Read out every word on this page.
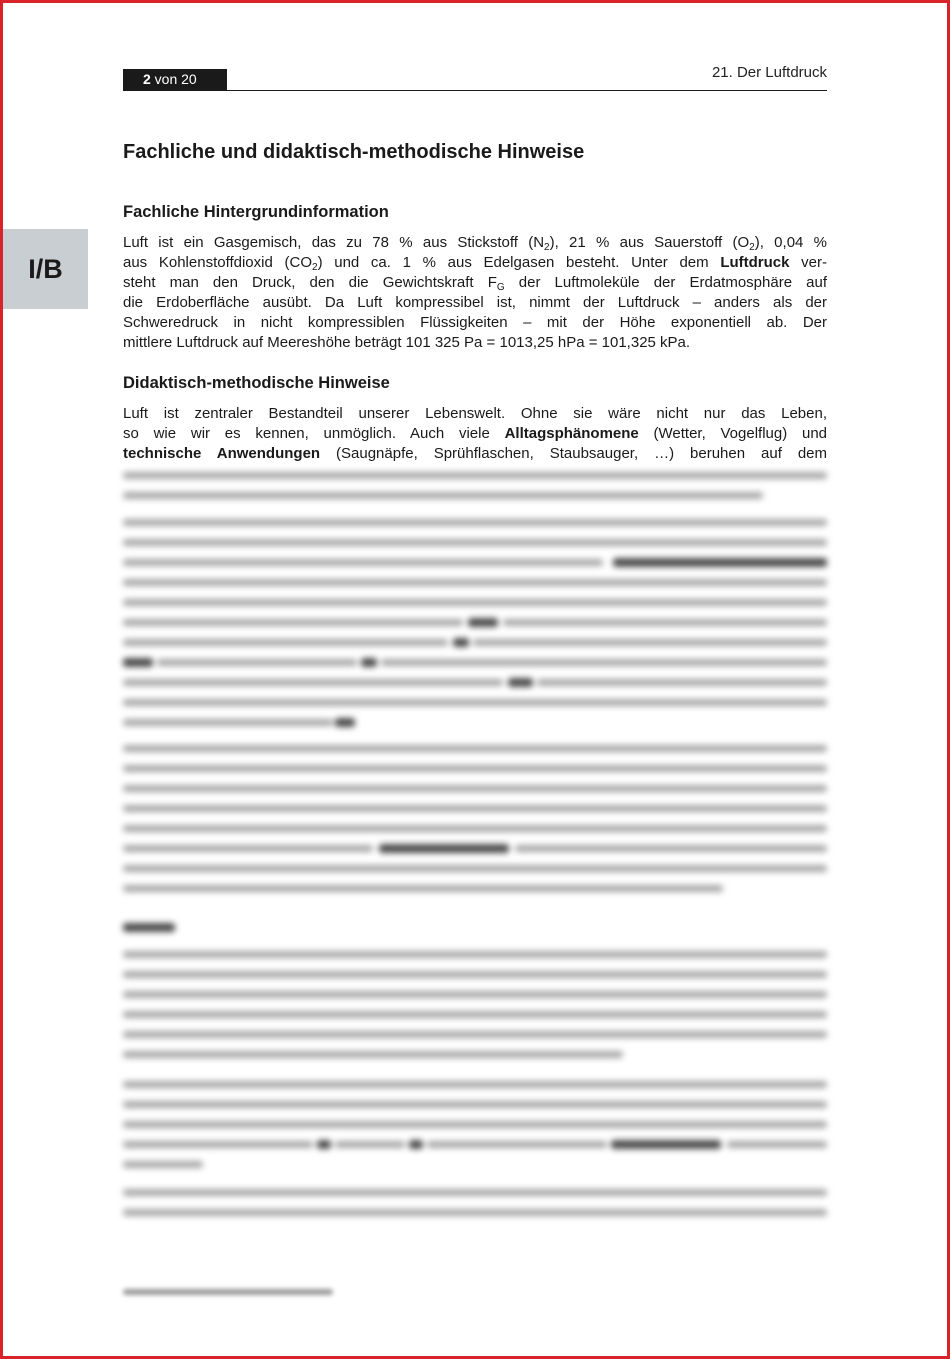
2 von 20	21. Der Luftdruck
I/B
Fachliche und didaktisch-methodische Hinweise
Fachliche Hintergrundinformation
Luft ist ein Gasgemisch, das zu 78 % aus Stickstoff $(N_2)$, 21 % aus Sauerstoff $(O_2)$, 0,04 %
aus Kohlenstoffdioxid $(CO_2)$ und ca. 1 % aus Edelgasen besteht. Unter dem Luftdruck ver-
steht man den Druck, den die Gewichtskraft $F_G$ der Luftmoleküle der Erdatmosphäre auf
die Erdoberfläche ausübt. Da Luft kompressibel ist, nimmt der Luftdruck – anders als der
Schweredruck in nicht kompressiblen Flüssigkeiten – mit der Höhe exponentiell ab. Der
mittlere Luftdruck auf Meereshöhe beträgt 101 325 Pa = 1013,25 hPa = 101,325 kPa.
Didaktisch-methodische Hinweise
Luft ist zentraler Bestandteil unserer Lebenswelt. Ohne sie wäre nicht nur das Leben,
so wie wir es kennen, unmöglich. Auch viele Alltagsphänomene (Wetter, Vogelflug) und
technische Anwendungen (Saugnäpfe, Sprühflaschen, Staubsauger, …) beruhen auf dem
